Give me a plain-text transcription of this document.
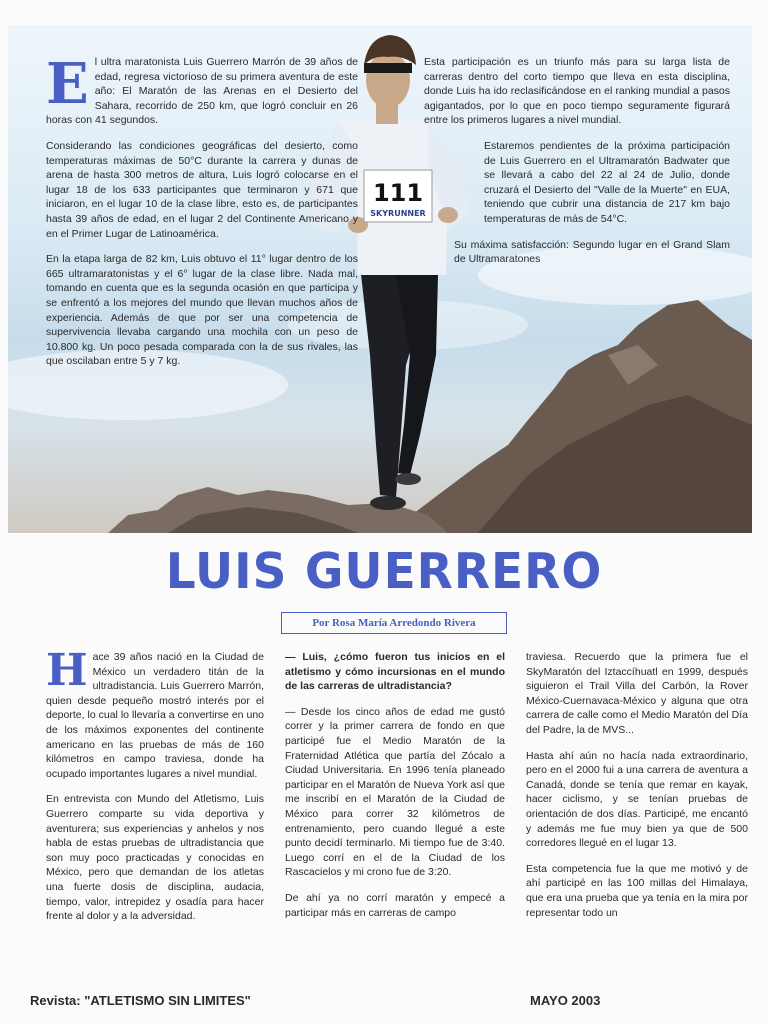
111
SKYRUNNER

El ultra maratonista Luis Guerrero Marrón de 39 años de edad, regresa victorioso de su primera aventura de este año: El Maratón de las Arenas en el Desierto del Sahara, recorrido de 250 km, que logró concluir en 26 horas con 41 segundos.

Considerando las condiciones geográficas del desierto, como temperaturas máximas de 50°C durante la carrera y dunas de arena de hasta 300 metros de altura, Luis logró colocarse en el lugar 18 de los 633 participantes que terminaron y 671 que iniciaron, en el lugar 10 de la clase libre, esto es, de participantes hasta 39 años de edad, en el lugar 2 del Continente Americano y en el Primer Lugar de Latinoamérica.

En la etapa larga de 82 km, Luis obtuvo el 11° lugar dentro de los 665 ultramaratonistas y el 6° lugar de la clase libre. Nada mal, tomando en cuenta que es la segunda ocasión en que participa y se enfrentó a los mejores del mundo que llevan muchos años de experiencia. Además de que por ser una competencia de supervivencia llevaba cargando una mochila con un peso de 10.800 kg. Un poco pesada comparada con la de sus rivales, las que oscilaban entre 5 y 7 kg.

Esta participación es un triunfo más para su larga lista de carreras dentro del corto tiempo que lleva en esta disciplina, donde Luis ha ido reclasificándose en el ranking mundial a pasos agigantados, por lo que en poco tiempo seguramente figurará entre los primeros lugares a nivel mundial.

Estaremos pendientes de la próxima participación de Luis Guerrero en el Ultramaratón Badwater que se llevará a cabo del 22 al 24 de Julio, donde cruzará el Desierto del "Valle de la Muerte" en EUA, teniendo que cubrir una distancia de 217 km bajo temperaturas de más de 54°C.

Su máxima satisfacción: Segundo lugar en el Grand Slam de Ultramaratones

LUIS GUERRERO
Por Rosa María Arredondo Rivera

Hace 39 años nació en la Ciudad de México un verdadero titán de la ultradistancia. Luis Guerrero Marrón, quien desde pequeño mostró interés por el deporte, lo cual lo llevaría a convertirse en uno de los máximos exponentes del continente americano en las pruebas de más de 160 kilómetros en campo traviesa, donde ha ocupado importantes lugares a nivel mundial.

En entrevista con Mundo del Atletismo, Luis Guerrero comparte su vida deportiva y aventurera; sus experiencias y anhelos y nos habla de estas pruebas de ultradistancia que son muy poco practicadas y conocidas en México, pero que demandan de los atletas una fuerte dosis de disciplina, audacia, tiempo, valor, intrepidez y osadía para hacer frente al dolor y a la adversidad.

— Luis, ¿cómo fueron tus inicios en el atletismo y cómo incursionas en el mundo de las carreras de ultradistancia?

— Desde los cinco años de edad me gustó correr y la primer carrera de fondo en que participé fue el Medio Maratón de la Fraternidad Atlética que partía del Zócalo a Ciudad Universitaria. En 1996 tenía planeado participar en el Maratón de Nueva York así que me inscribí en el Maratón de la Ciudad de México para correr 32 kilómetros de entrenamiento, pero cuando llegué a este punto decidí terminarlo. Mi tiempo fue de 3:40. Luego corrí en el de la Ciudad de los Rascacielos y mi crono fue de 3:20.

De ahí ya no corrí maratón y empecé a participar más en carreras de campo

traviesa. Recuerdo que la primera fue el SkyMaratón del Iztaccíhuatl en 1999, después siguieron el Trail Villa del Carbón, la Rover México-Cuernavaca-México y alguna que otra carrera de calle como el Medio Maratón del Día del Padre, la de MVS...

Hasta ahí aún no hacía nada extraordinario, pero en el 2000 fui a una carrera de aventura a Canadá, donde se tenía que remar en kayak, hacer ciclismo, y se tenían pruebas de orientación de dos días. Participé, me encantó y además me fue muy bien ya que de 500 corredores llegué en el lugar 13.

Esta competencia fue la que me motivó y de ahí participé en las 100 millas del Himalaya, que era una prueba que ya tenía en la mira por representar todo un

Revista: "ATLETISMO SIN LIMITES"	MAYO 2003
